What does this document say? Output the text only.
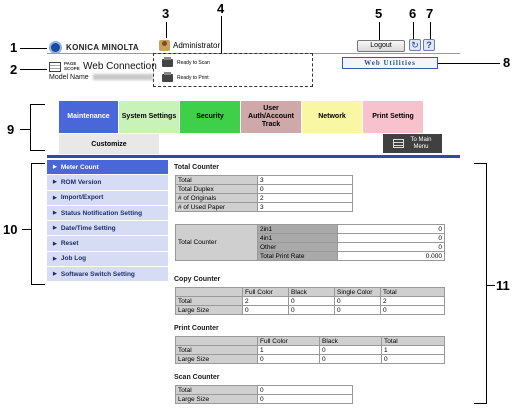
1
2
3	4	5 6 7
8
9
10
11
KONICA MINOLTA	Administrator	Logout	↻ ?
PAGE SCOPE Web Connection
Model Name
Ready to Scan
Ready to Print
Web Utilities
Maintenance	System Settings	Security
User Auth/Account Track
Network	Print Setting
Customize
To Main Menu
▶ Meter Count
▶ ROM Version
▶ Import/Export
▶ Status Notification Setting
▶ Date/Time Setting
▶ Reset
▶ Job Log
▶ Software Switch Setting
Total Counter
Total	3
Total Duplex	0
# of Originals	2
# of Used Paper	3
Total Counter	2in1	0
	4in1	0
	Other	0
	Total Print Rate	0.000
Copy Counter
	Full Color	Black	Single Color	Total
Total	2	0	0	2
Large Size	0	0	0	0
Print Counter
	Full Color	Black	Total
Total	1	0	1
Large Size	0	0	0
Scan Counter
Total	0
Large Size	0
